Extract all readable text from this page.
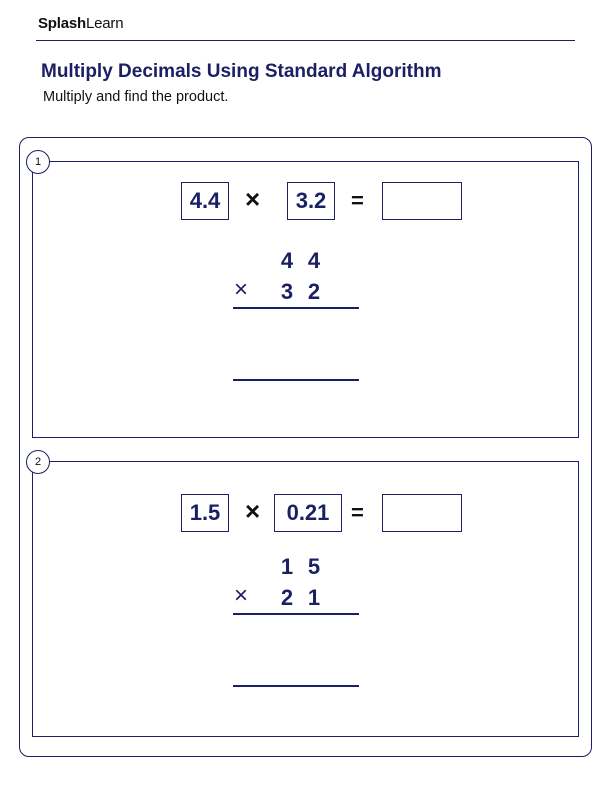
SplashLearn
Multiply Decimals Using Standard Algorithm
Multiply and find the product.
1
4.4 ×	3.2	=
4 4
× 3 2
2
1.5 ×	0.21 =
1 5
× 2 1
